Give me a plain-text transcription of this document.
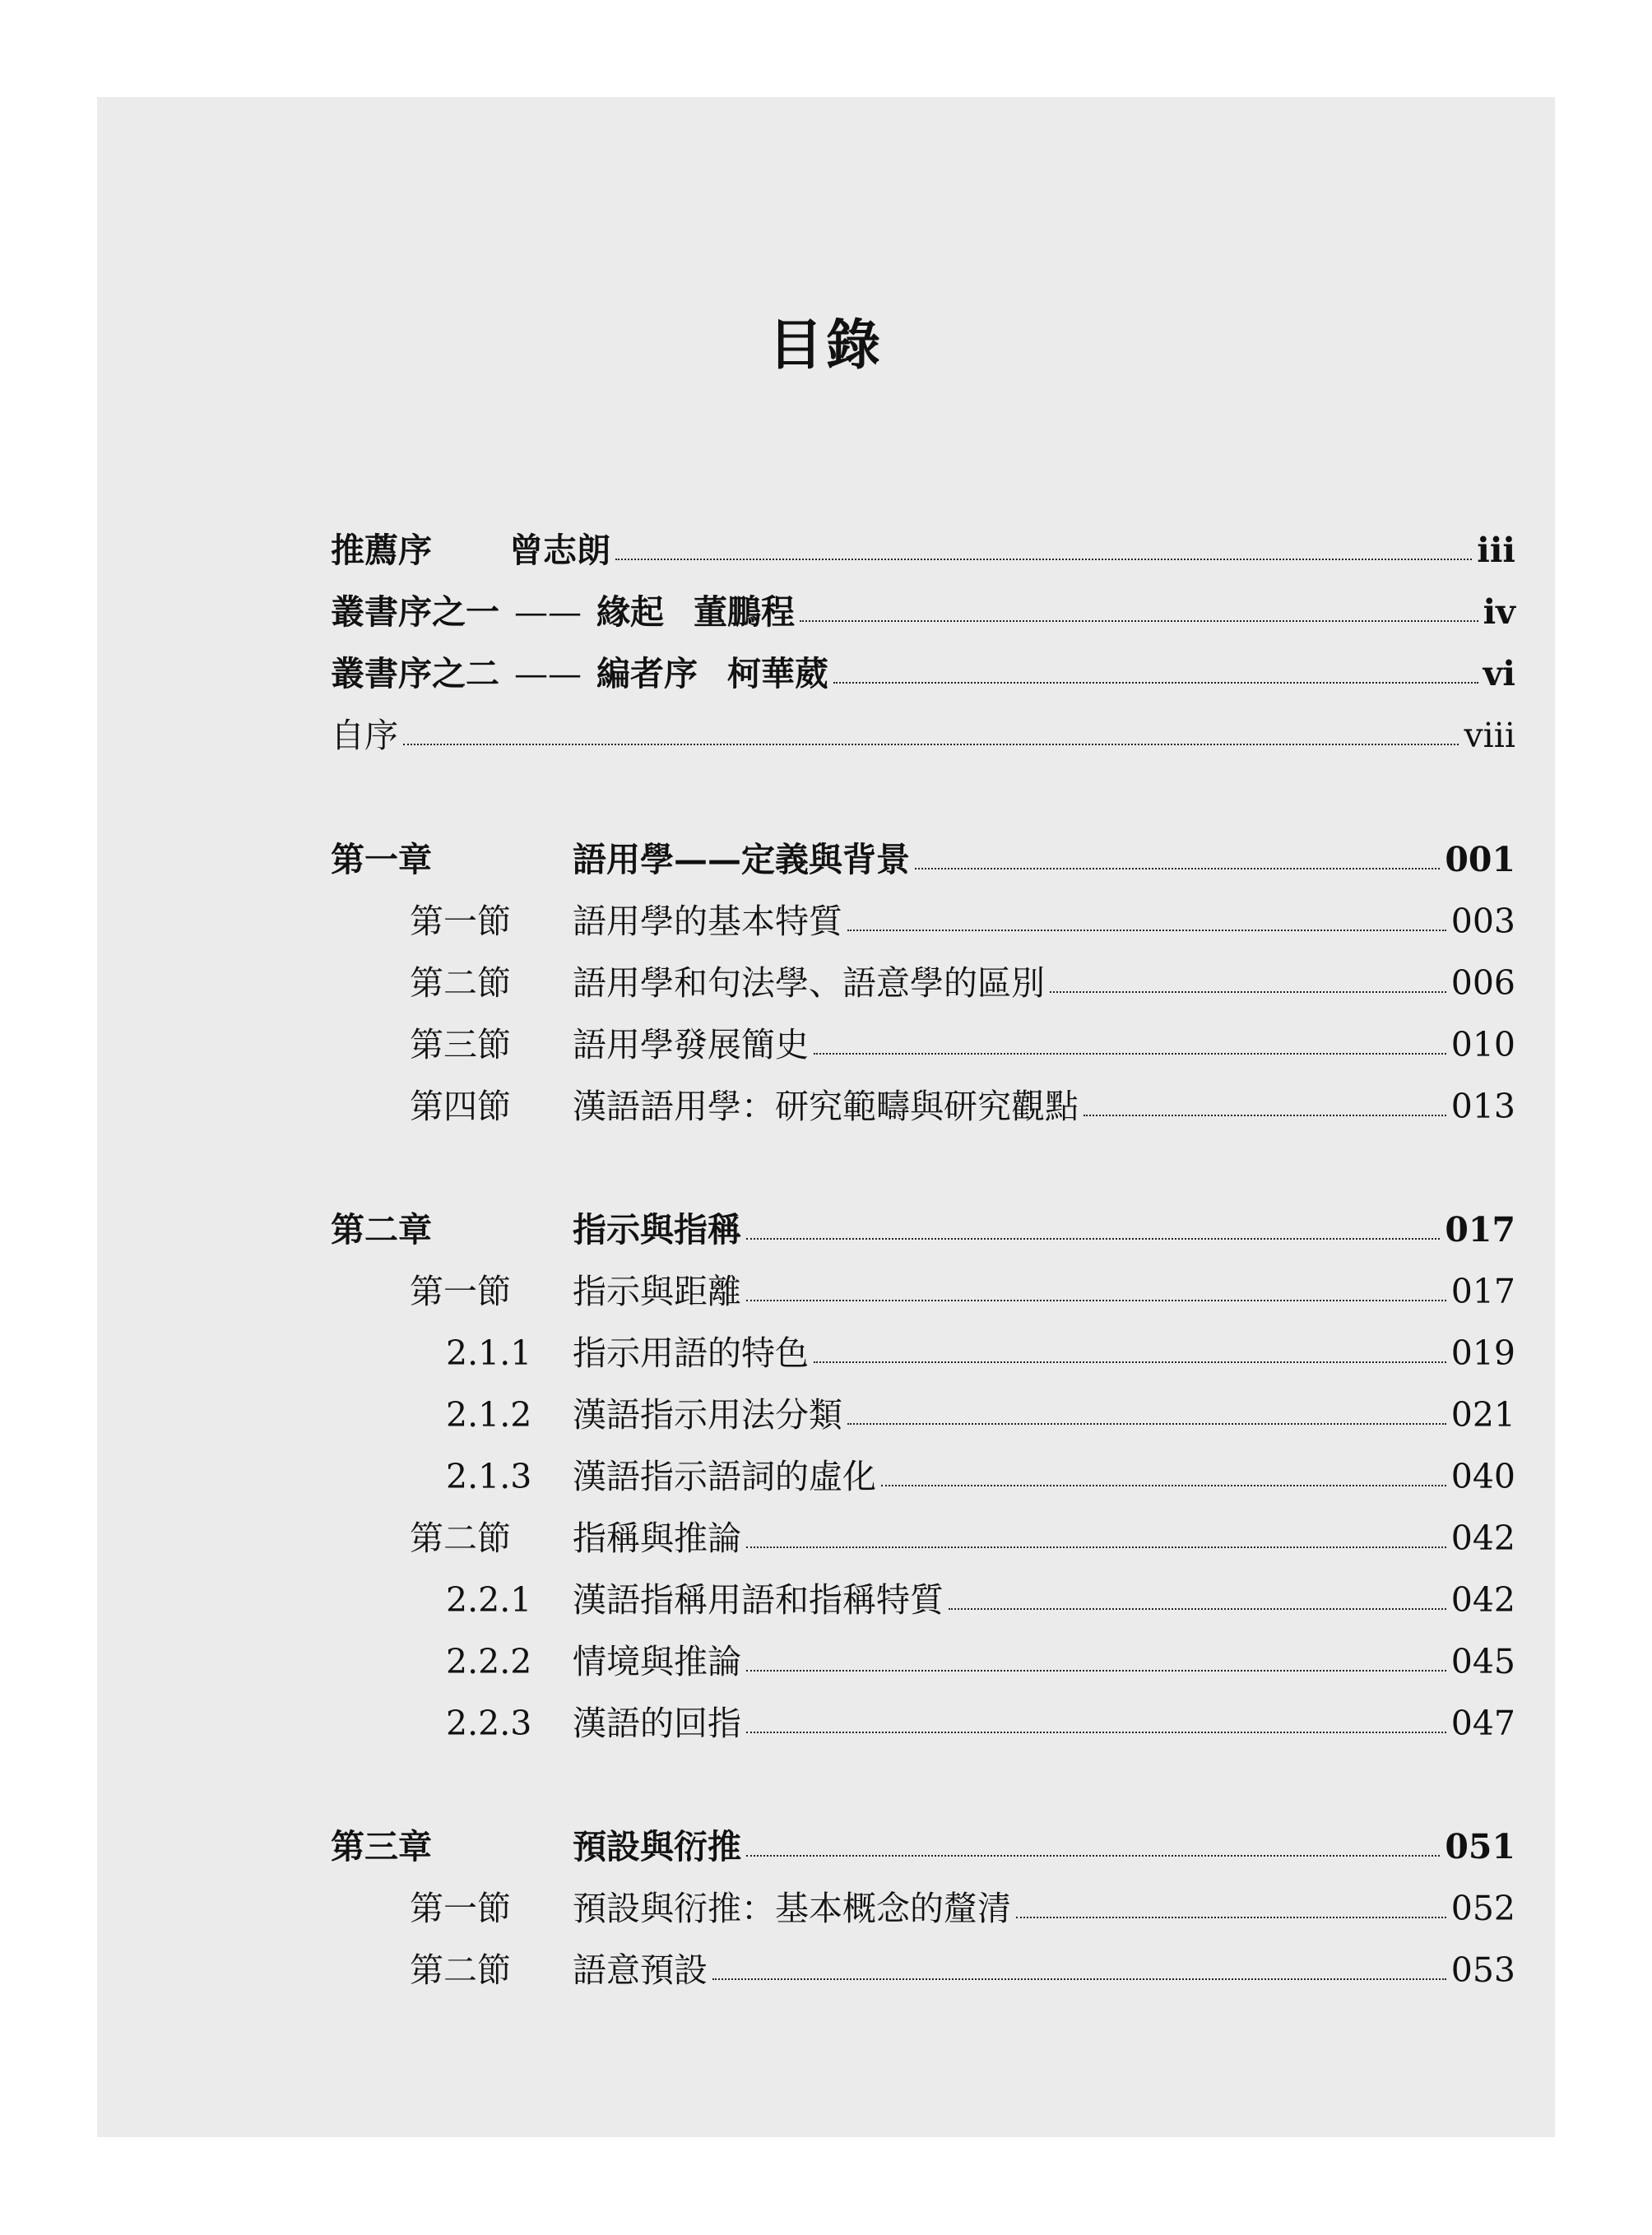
目錄
推薦序 曾志朗	iii
叢書序之一 —— 緣起 董鵬程	iv
叢書序之二 —— 編者序 柯華葳	vi
自序	viii
第一章	語用學——定義與背景	001
第一節	語用學的基本特質	003
第二節	語用學和句法學、語意學的區別	006
第三節	語用學發展簡史	010
第四節	漢語語用學：研究範疇與研究觀點	013
第二章	指示與指稱	017
第一節	指示與距離	017
2.1.1	指示用語的特色	019
2.1.2	漢語指示用法分類	021
2.1.3	漢語指示語詞的虛化	040
第二節	指稱與推論	042
2.2.1	漢語指稱用語和指稱特質	042
2.2.2	情境與推論	045
2.2.3	漢語的回指	047
第三章	預設與衍推	051
第一節	預設與衍推：基本概念的釐清	052
第二節	語意預設	053
